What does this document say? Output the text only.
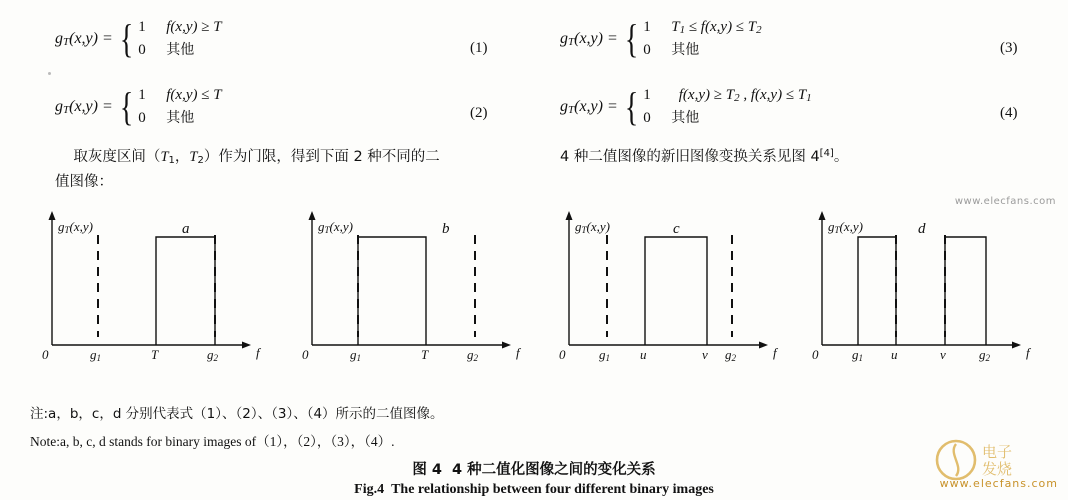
gT(x,y) = { 1 f(x,y) ≥ T
0 其他	(1)
gT(x,y) = { 1 f(x,y) ≤ T
0 其他	(2)
gT(x,y) = { 1 T1 ≤ f(x,y) ≤ T2
0 其他	(3)
gT(x,y) = { 1 f(x,y) ≥ T2 , f(x,y) ≤ T1
0 其他	(4)
取灰度区间（$T_1$，$T_2$）作为门限，得到下面 2 种不同的二
值图像：
4 种二值图像的新旧图像变换关系见图 4[4]。
www.elecfans.com
a
$g_T(x,y)$
0	$g_1$	T	$g_2$	f
b
$g_T(x,y)$
0	$g_1$	T	$g_2$	f
c
$g_T(x,y)$
0	$g_1$ u	v $g_2$	f
d
$g_T(x,y)$
0	$g_1$ u	v	$g_2$	f
注:a，b，c，d 分别代表式（1）、（2）、（3）、（4）所示的二值图像。
Note:a, b, c, d stands for binary images of（1），（2），（3），（4）.
图 4  4 种二值化图像之间的变化关系
Fig.4  The relationship between four different binary images
电子
发烧
www.elecfans.com
